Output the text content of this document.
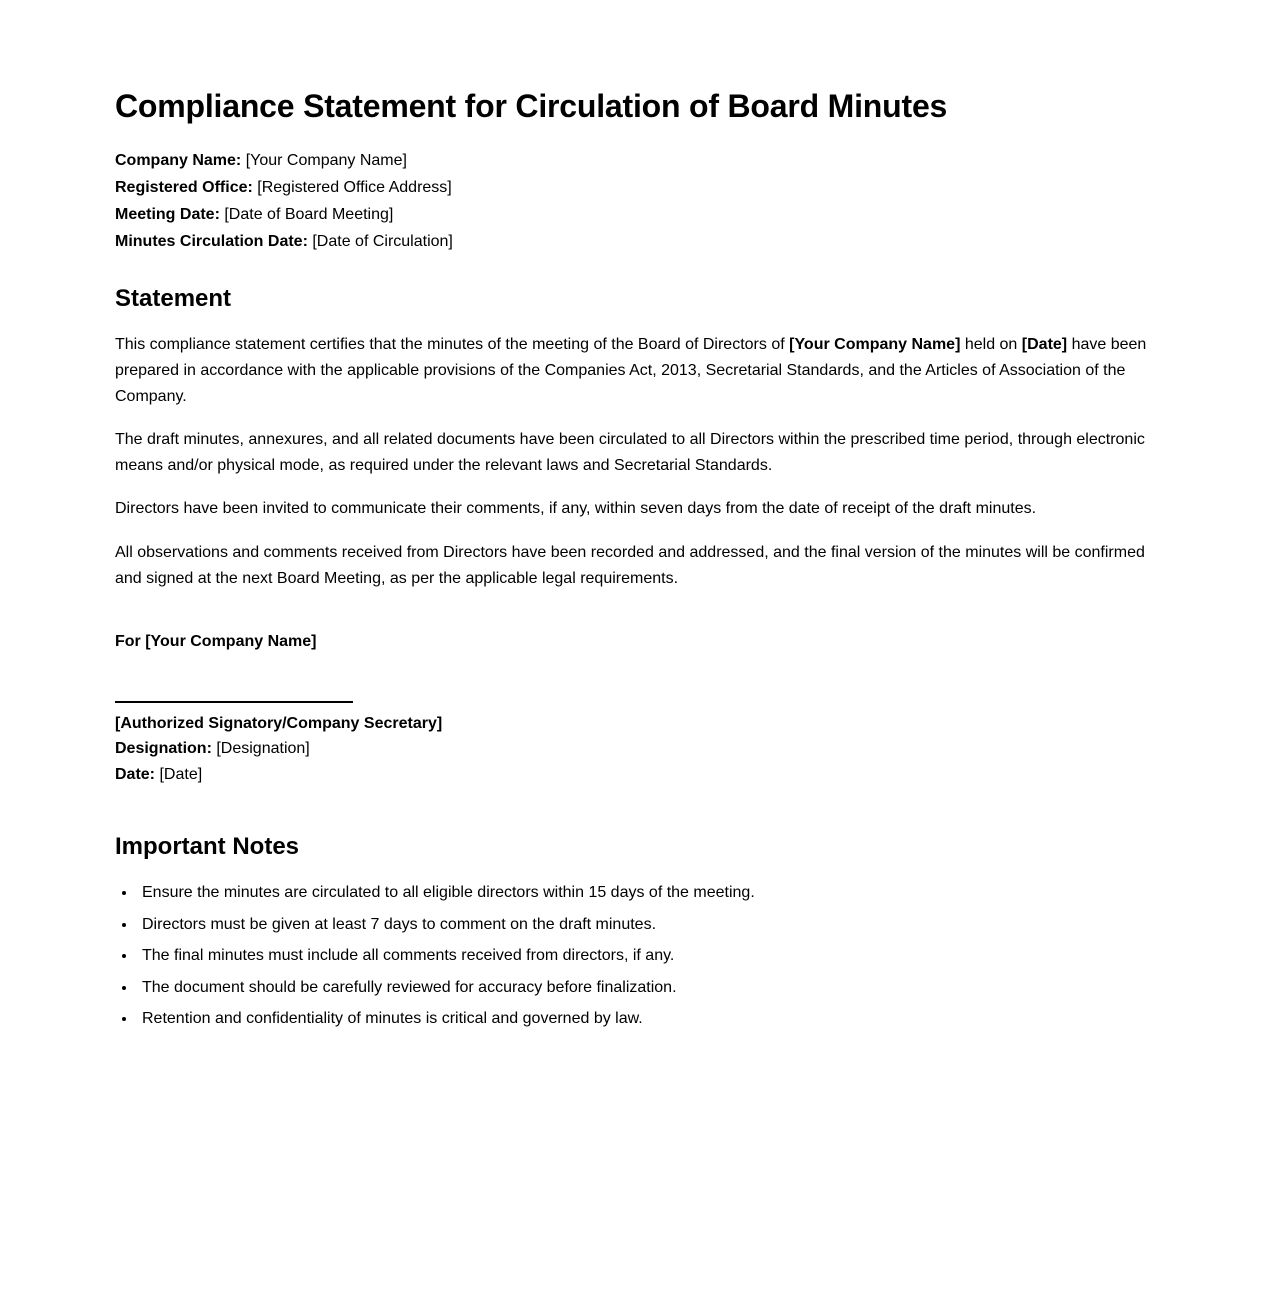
Compliance Statement for Circulation of Board Minutes

Company Name: [Your Company Name]

Registered Office: [Registered Office Address]

Meeting Date: [Date of Board Meeting]

Minutes Circulation Date: [Date of Circulation]

Statement

This compliance statement certifies that the minutes of the meeting of the Board of Directors of [Your Company Name] held on [Date] have been prepared in accordance with the applicable provisions of the Companies Act, 2013, Secretarial Standards, and the Articles of Association of the Company.

The draft minutes, annexures, and all related documents have been circulated to all Directors within the prescribed time period, through electronic means and/or physical mode, as required under the relevant laws and Secretarial Standards.

Directors have been invited to communicate their comments, if any, within seven days from the date of receipt of the draft minutes.

All observations and comments received from Directors have been recorded and addressed, and the final version of the minutes will be confirmed and signed at the next Board Meeting, as per the applicable legal requirements.

For [Your Company Name]

[Authorized Signatory/Company Secretary]

Designation: [Designation]

Date: [Date]

Important Notes
• Ensure the minutes are circulated to all eligible directors within 15 days of the meeting.
• Directors must be given at least 7 days to comment on the draft minutes.
• The final minutes must include all comments received from directors, if any.
• The document should be carefully reviewed for accuracy before finalization.
• Retention and confidentiality of minutes is critical and governed by law.
